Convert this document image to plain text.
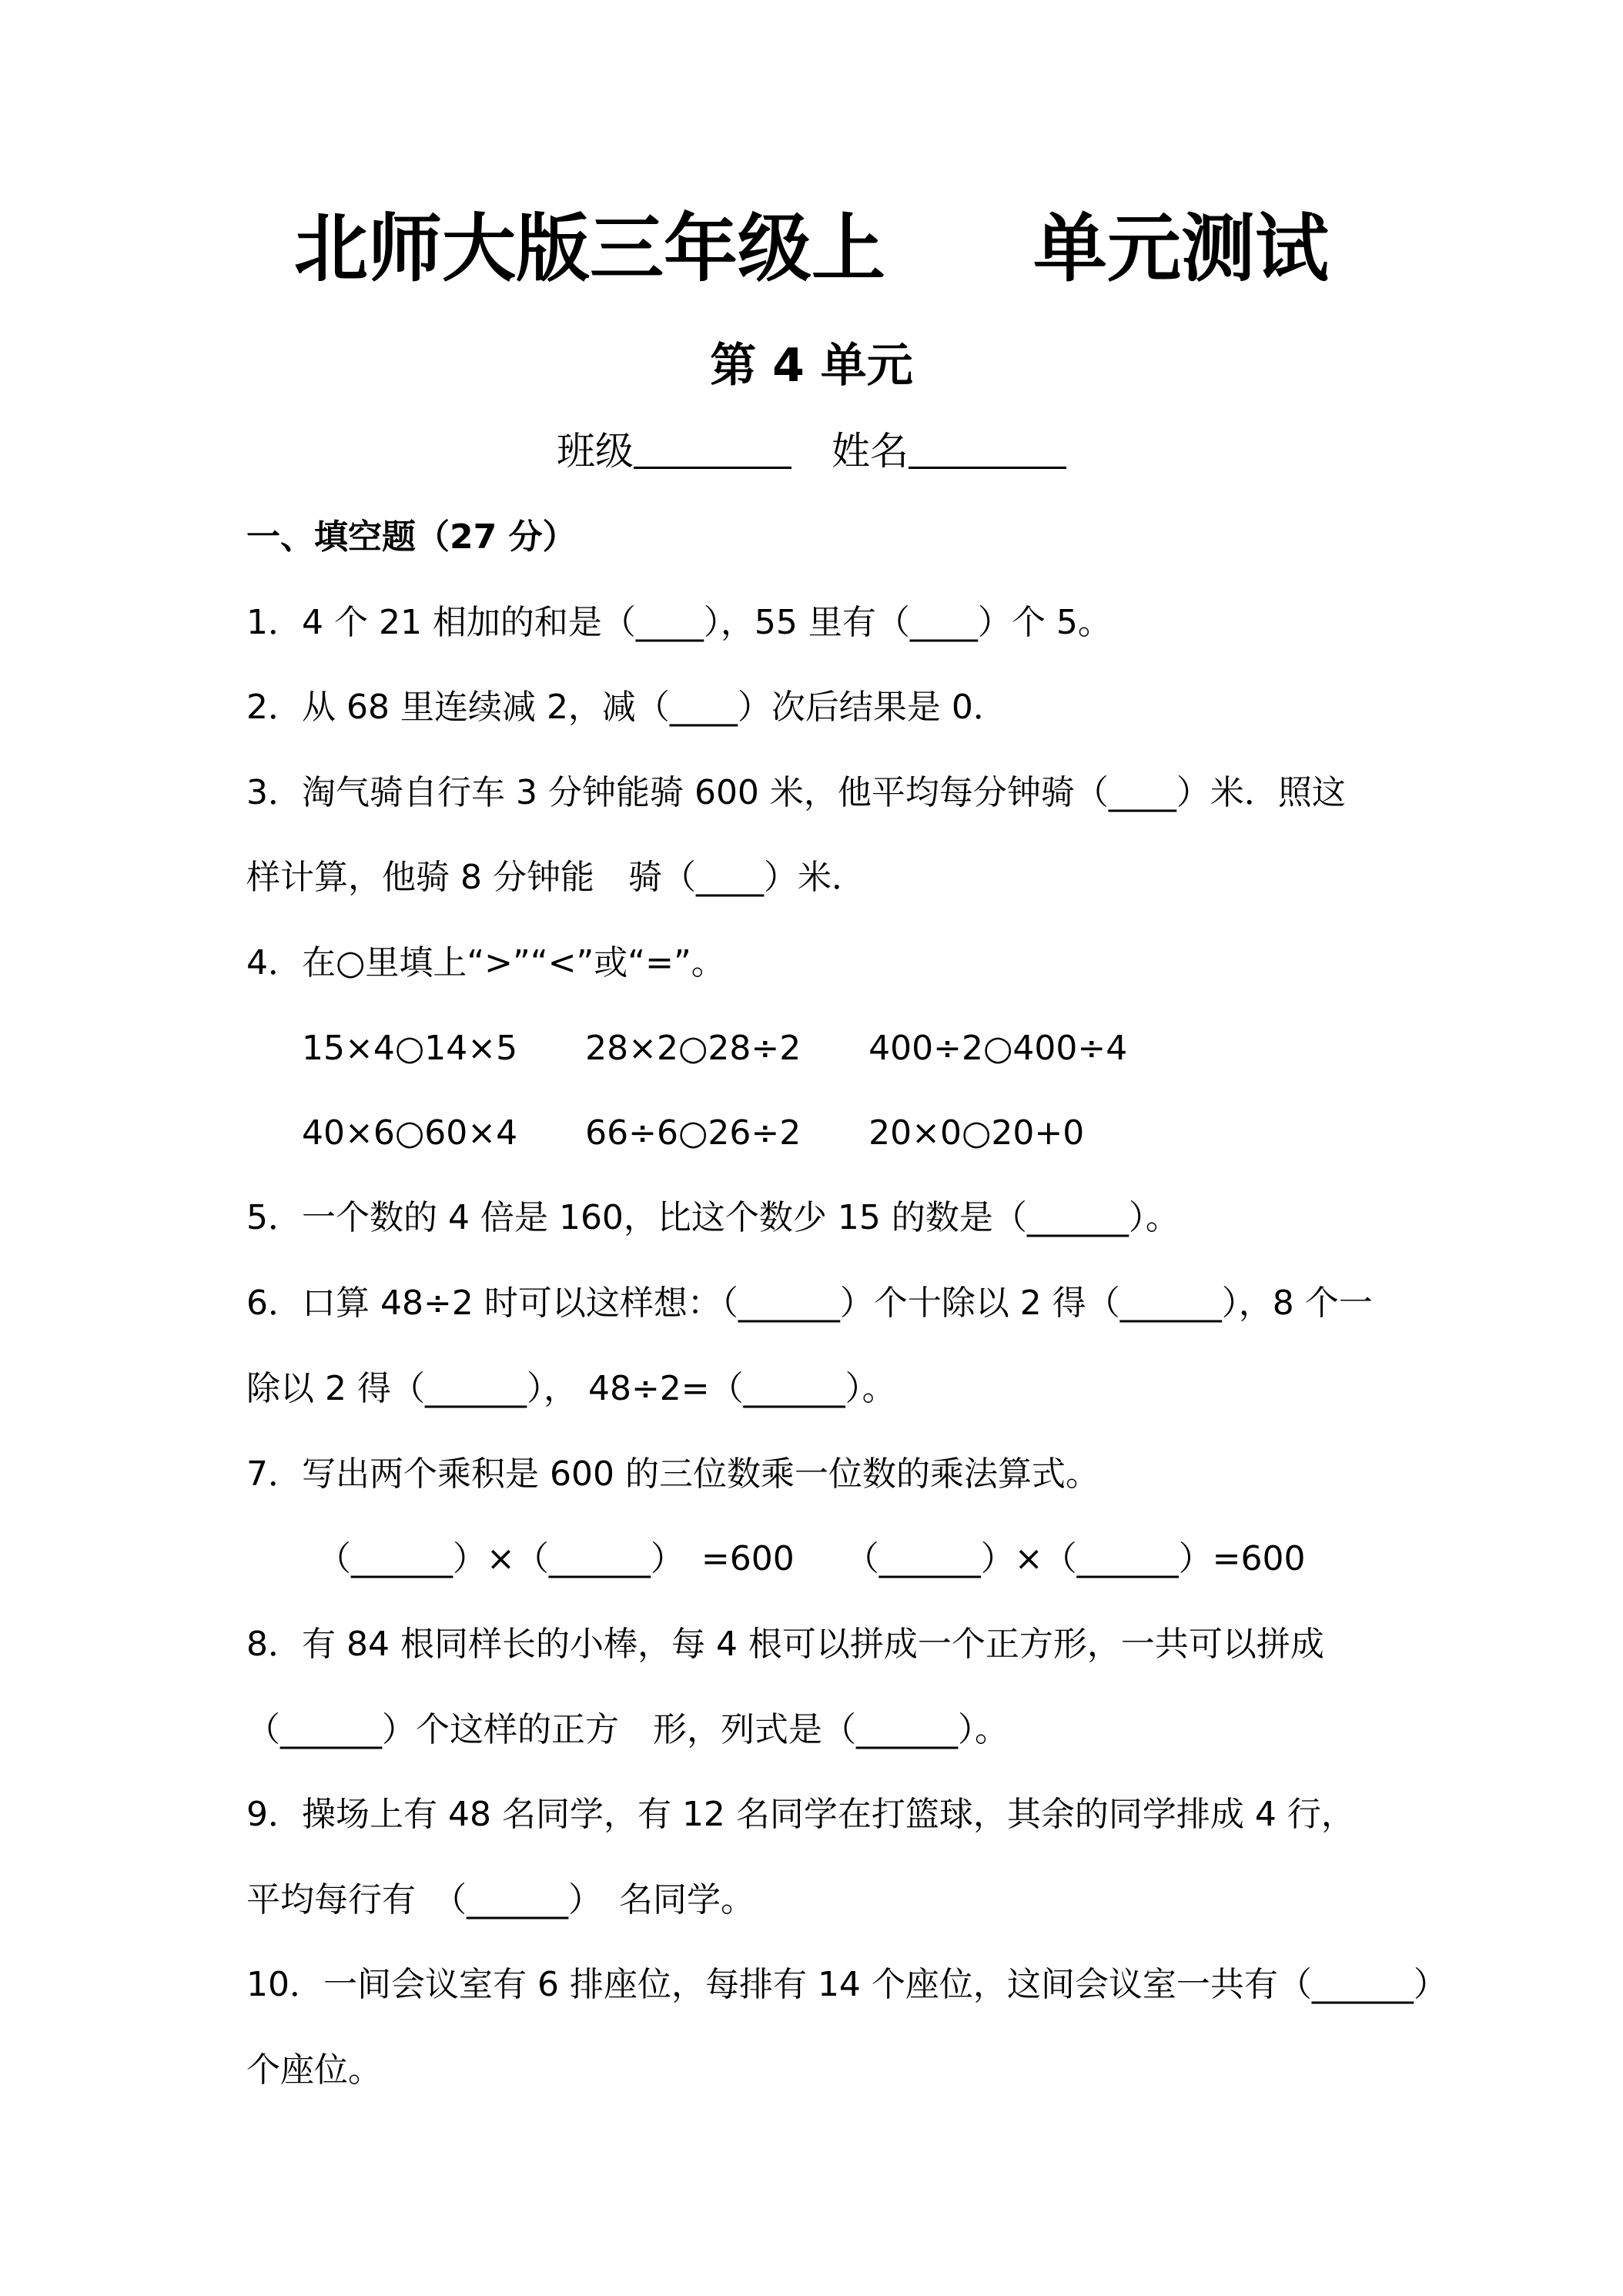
北师大版三年级上　　单元测试
第 4 单元
班级	姓名
一、填空题（27 分）
1．4 个 21 相加的和是（____），55 里有（____）个 5。
2．从 68 里连续减 2，减（____）次后结果是 0．
3．淘气骑自行车 3 分钟能骑 600 米，他平均每分钟骑（____）米．照这
样计算，他骑 8 分钟能　骑（____）米．
4．在○里填上“>”“<”或“=”。
15×4○14×5　　28×2○28÷2　　400÷2○400÷4
40×6○60×4　　66÷6○26÷2　　20×0○20+0
5．一个数的 4 倍是 160，比这个数少 15 的数是（______）。
6．口算 48÷2 时可以这样想：（______）个十除以 2 得（______），8 个一
除以 2 得（______）， 48÷2=（______）。
7．写出两个乘积是 600 的三位数乘一位数的乘法算式。
（______）×（______）　=600　　（______）×（______）=600
8．有 84 根同样长的小棒，每 4 根可以拼成一个正方形，一共可以拼成
（______）个这样的正方　形，列式是（______）。
9．操场上有 48 名同学，有 12 名同学在打篮球，其余的同学排成 4 行，
平均每行有　（______）　名同学。
10．一间会议室有 6 排座位，每排有 14 个座位，这间会议室一共有（______）
个座位。
